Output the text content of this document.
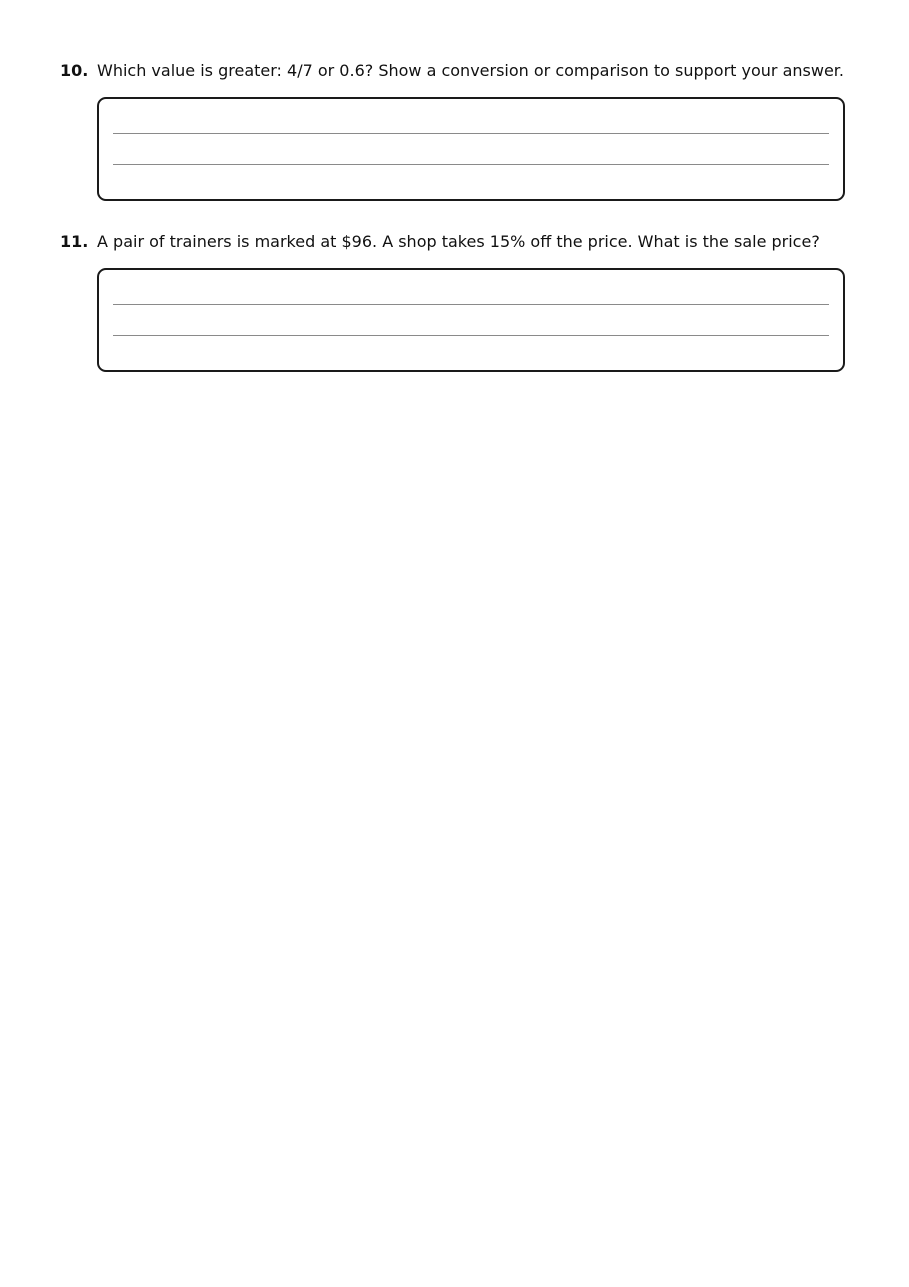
10. Which value is greater: 4/7 or 0.6? Show a conversion or comparison to support your answer.
11. A pair of trainers is marked at $96. A shop takes 15% off the price. What is the sale price?
